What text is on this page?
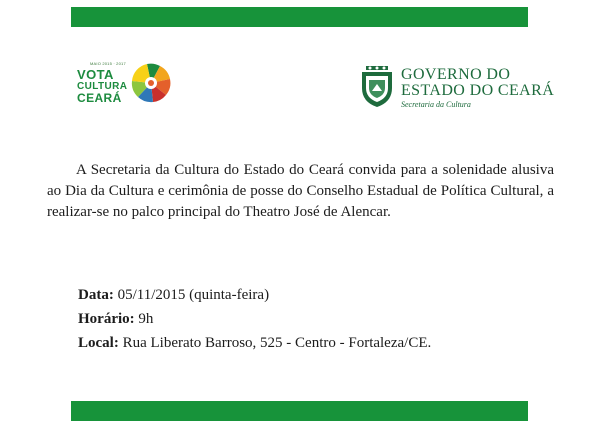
MAIO 2015 · 2017
VOTA
CULTURA
CEARÁ
GOVERNO DO
ESTADO DO CEARÁ
Secretaria da Cultura

A Secretaria da Cultura do Estado do Ceará convida para a solenidade alusiva ao Dia da Cultura e cerimônia de posse do Conselho Estadual de Política Cultural, a realizar-se no palco principal do Theatro José de Alencar.

Data: 05/11/2015 (quinta-feira)
Horário: 9h
Local: Rua Liberato Barroso, 525 - Centro - Fortaleza/CE.
